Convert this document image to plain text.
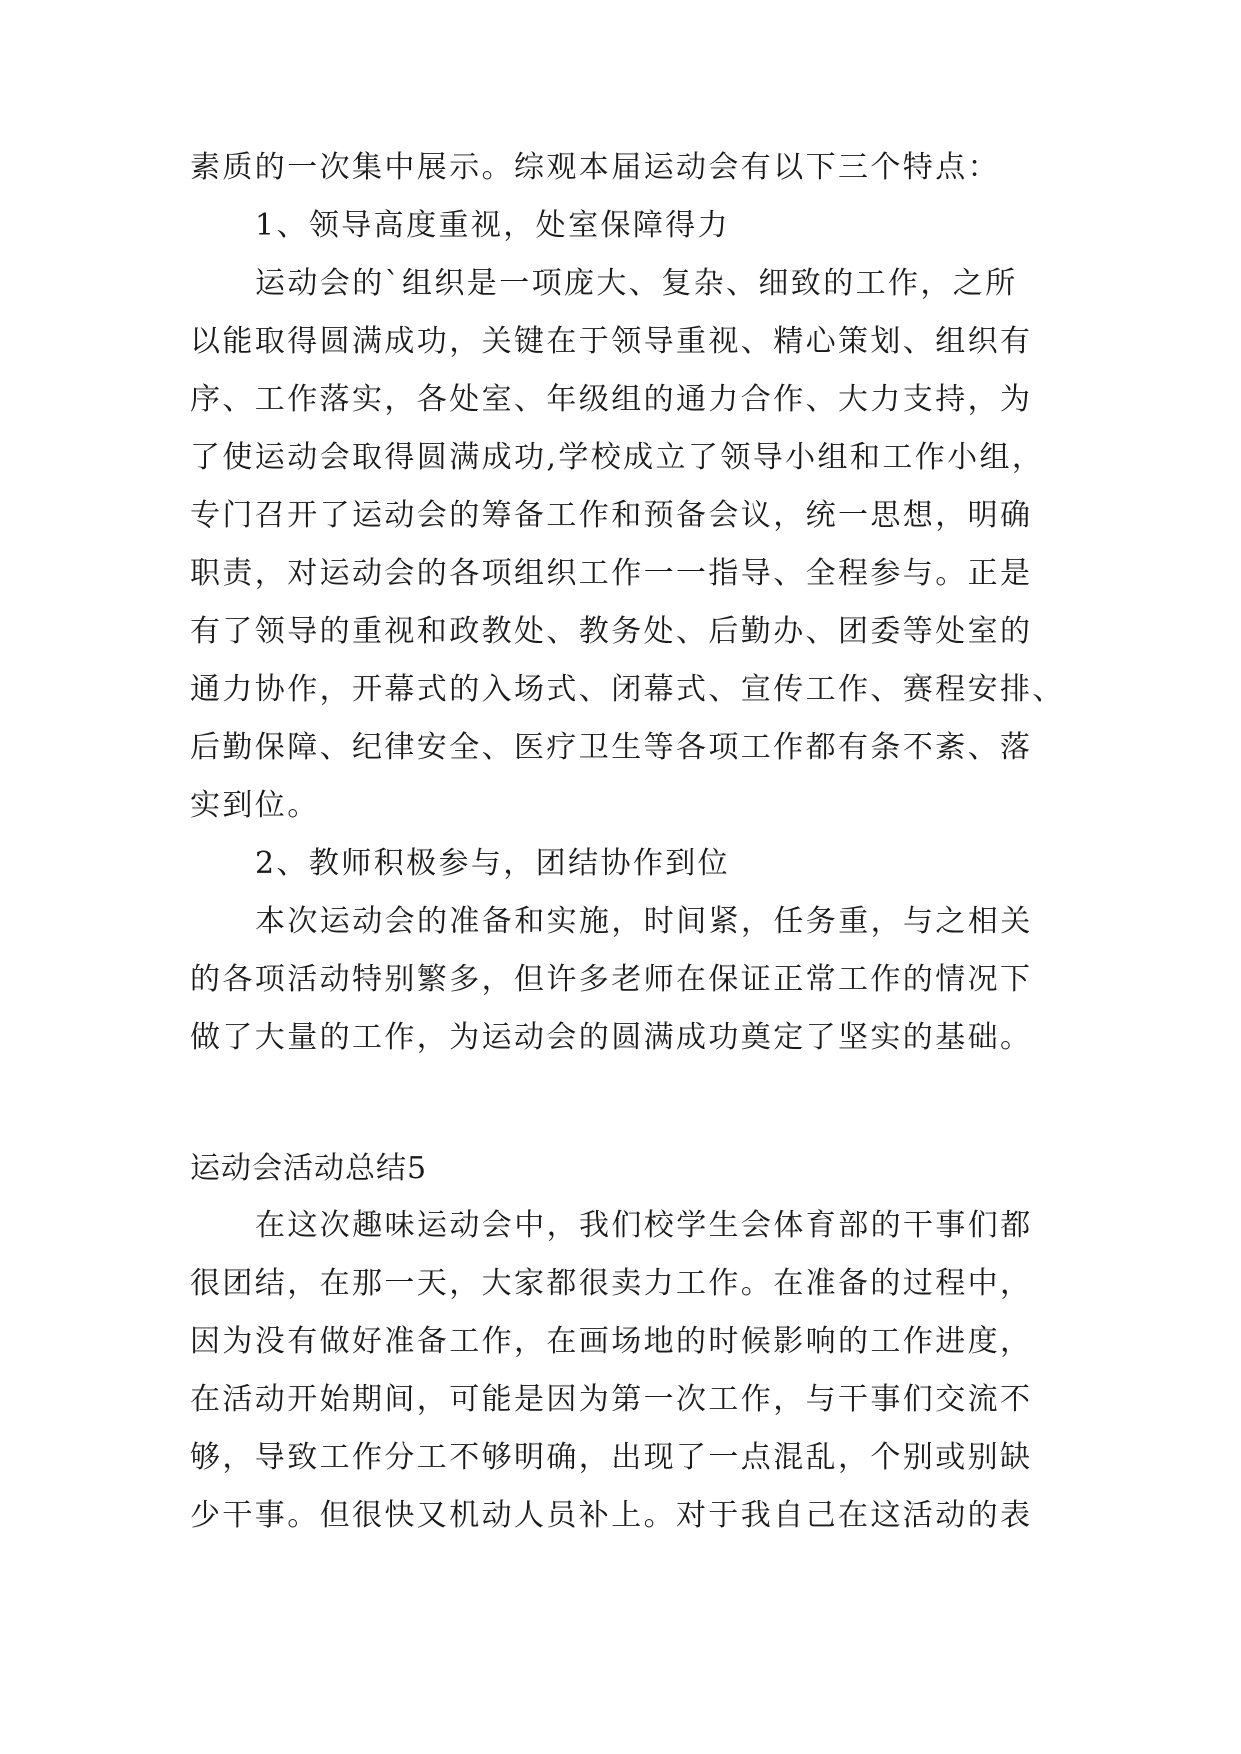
素质的一次集中展示。综观本届运动会有以下三个特点：
1、领导高度重视，处室保障得力
运动会的`组织是一项庞大、复杂、细致的工作，之所
以能取得圆满成功，关键在于领导重视、精心策划、组织有
序、工作落实，各处室、年级组的通力合作、大力支持，为
了使运动会取得圆满成功,学校成立了领导小组和工作小组，
专门召开了运动会的筹备工作和预备会议，统一思想，明确
职责，对运动会的各项组织工作一一指导、全程参与。正是
有了领导的重视和政教处、教务处、后勤办、团委等处室的
通力协作，开幕式的入场式、闭幕式、宣传工作、赛程安排、
后勤保障、纪律安全、医疗卫生等各项工作都有条不紊、落
实到位。
2、教师积极参与，团结协作到位
本次运动会的准备和实施，时间紧，任务重，与之相关
的各项活动特别繁多，但许多老师在保证正常工作的情况下
做了大量的工作，为运动会的圆满成功奠定了坚实的基础。
运动会活动总结5
在这次趣味运动会中，我们校学生会体育部的干事们都
很团结，在那一天，大家都很卖力工作。在准备的过程中，
因为没有做好准备工作，在画场地的时候影响的工作进度，
在活动开始期间，可能是因为第一次工作，与干事们交流不
够，导致工作分工不够明确，出现了一点混乱，个别或别缺
少干事。但很快又机动人员补上。对于我自己在这活动的表
